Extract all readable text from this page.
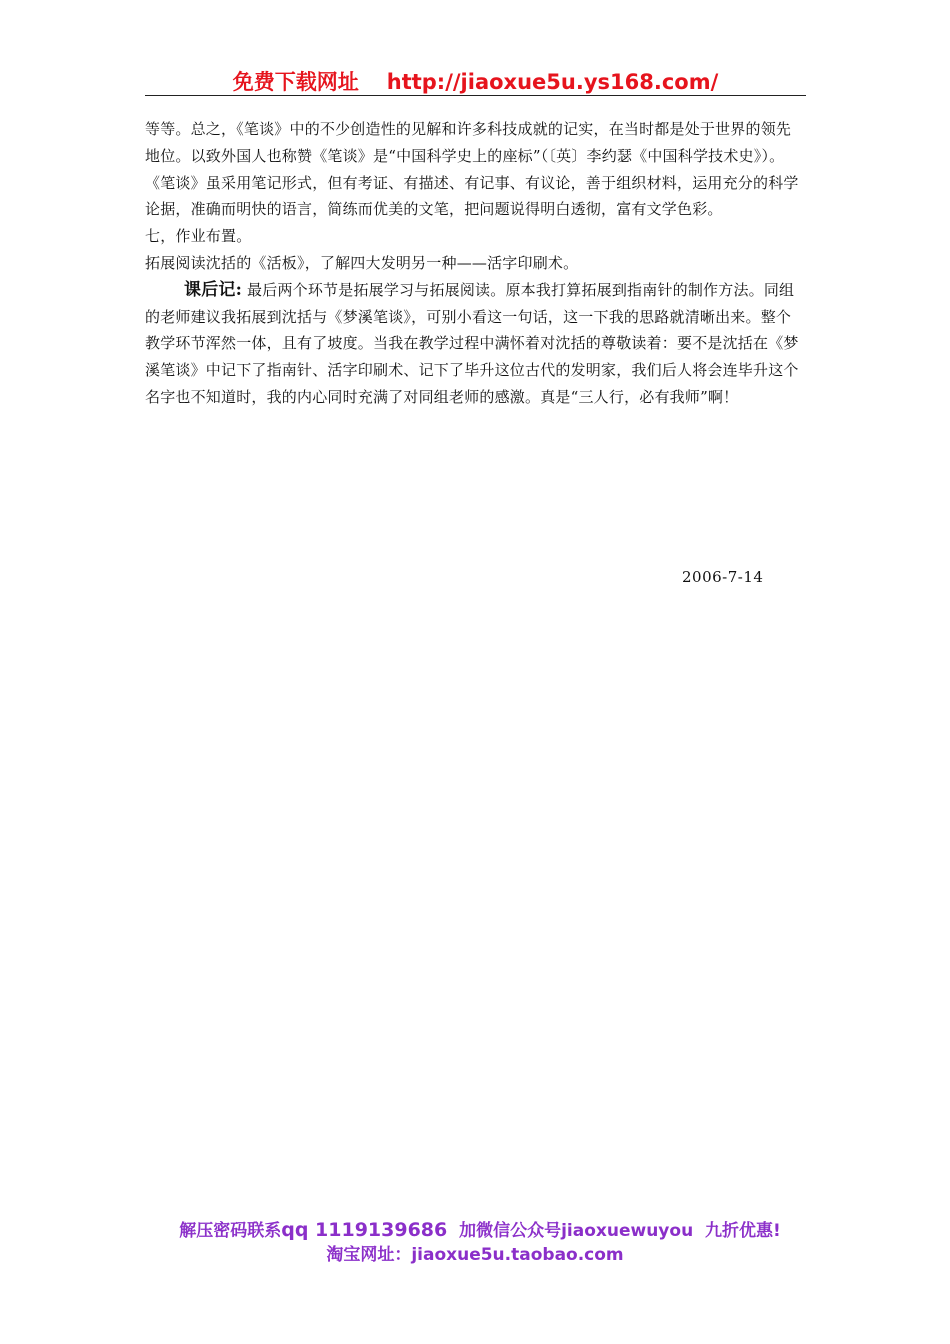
免费下载网址 http://jiaoxue5u.ys168.com/

等等。总之，《笔谈》中的不少创造性的见解和许多科技成就的记实，在当时都是处于世界的领先地位。以致外国人也称赞《笔谈》是“中国科学史上的座标”（〔英〕李约瑟《中国科学技术史》）。《笔谈》虽采用笔记形式，但有考证、有描述、有记事、有议论，善于组织材料，运用充分的科学论据，准确而明快的语言，简练而优美的文笔，把问题说得明白透彻，富有文学色彩。

七，作业布置。

拓展阅读沈括的《活板》，了解四大发明另一种——活字印刷术。

课后记: 最后两个环节是拓展学习与拓展阅读。原本我打算拓展到指南针的制作方法。同组的老师建议我拓展到沈括与《梦溪笔谈》，可别小看这一句话，这一下我的思路就清晰出来。整个教学环节浑然一体，且有了坡度。当我在教学过程中满怀着对沈括的尊敬读着：要不是沈括在《梦溪笔谈》中记下了指南针、活字印刷术、记下了毕升这位古代的发明家，我们后人将会连毕升这个名字也不知道时，我的内心同时充满了对同组老师的感激。真是“三人行，必有我师”啊！

2006-7-14
解压密码联系qq 1119139686 加微信公众号jiaoxuewuyou 九折优惠!
淘宝网址：jiaoxue5u.taobao.com
